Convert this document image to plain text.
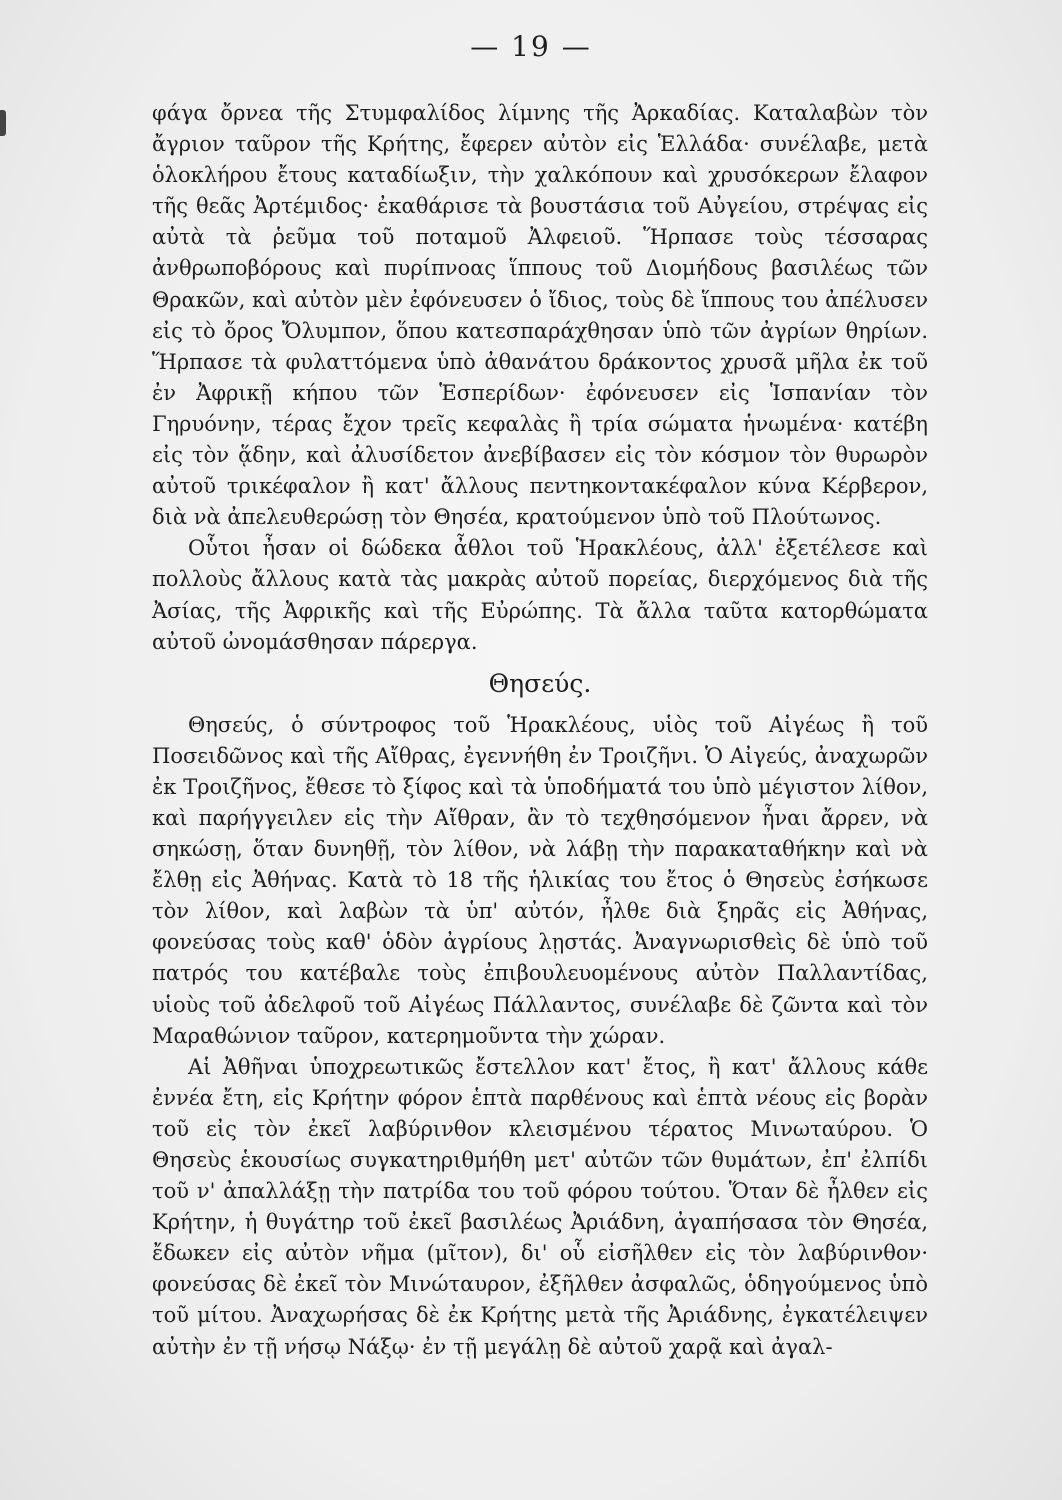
— 19 —

φάγα ὄρνεα τῆς Στυμφαλίδος λίμνης τῆς Ἀρκαδίας. Καταλαβὼν τὸν ἄγριον ταῦρον τῆς Κρήτης, ἔφερεν αὐτὸν εἰς Ἑλλάδα· συνέλαβε, μετὰ ὁλοκλήρου ἔτους καταδίωξιν, τὴν χαλκόπουν καὶ χρυσόκερων ἔλαφον τῆς θεᾶς Ἀρτέμιδος· ἐκαθάρισε τὰ βουστάσια τοῦ Αὐγείου, στρέψας εἰς αὐτὰ τὰ ῥεῦμα τοῦ ποταμοῦ Ἀλφειοῦ. Ἥρπασε τοὺς τέσσαρας ἀνθρωποβόρους καὶ πυρίπνοας ἵππους τοῦ Διομήδους βασιλέως τῶν Θρακῶν, καὶ αὐτὸν μὲν ἐφόνευσεν ὁ ἴδιος, τοὺς δὲ ἵππους του ἀπέλυσεν εἰς τὸ ὄρος Ὄλυμπον, ὅπου κατεσπαράχθησαν ὑπὸ τῶν ἀγρίων θηρίων. Ἥρπασε τὰ φυλαττόμενα ὑπὸ ἀθανάτου δράκοντος χρυσᾶ μῆλα ἐκ τοῦ ἐν Ἀφρικῇ κήπου τῶν Ἑσπερίδων· ἐφόνευσεν εἰς Ἱσπανίαν τὸν Γηρυόνην, τέρας ἔχον τρεῖς κεφαλὰς ἢ τρία σώματα ἡνωμένα· κατέβη εἰς τὸν ᾅδην, καὶ ἀλυσίδετον ἀνεβίβασεν εἰς τὸν κόσμον τὸν θυρωρὸν αὐτοῦ τρικέφαλον ἢ κατ' ἄλλους πεντηκοντακέφαλον κύνα Κέρβερον, διὰ νὰ ἀπελευθερώσῃ τὸν Θησέα, κρατούμενον ὑπὸ τοῦ Πλούτωνος.

Οὗτοι ἦσαν οἱ δώδεκα ἆθλοι τοῦ Ἡρακλέους, ἀλλ' ἐξετέλεσε καὶ πολλοὺς ἄλλους κατὰ τὰς μακρὰς αὐτοῦ πορείας, διερχόμενος διὰ τῆς Ἀσίας, τῆς Ἀφρικῆς καὶ τῆς Εὐρώπης. Τὰ ἄλλα ταῦτα κατορθώματα αὐτοῦ ὠνομάσθησαν πάρεργα.

Θησεύς.

Θησεύς, ὁ σύντροφος τοῦ Ἡρακλέους, υἱὸς τοῦ Αἰγέως ἢ τοῦ Ποσειδῶνος καὶ τῆς Αἴθρας, ἐγεννήθη ἐν Τροιζῆνι. Ὁ Αἰγεύς, ἀναχωρῶν ἐκ Τροιζῆνος, ἔθεσε τὸ ξίφος καὶ τὰ ὑποδήματά του ὑπὸ μέγιστον λίθον, καὶ παρήγγειλεν εἰς τὴν Αἴθραν, ἂν τὸ τεχθησόμενον ἦναι ἄρρεν, νὰ σηκώσῃ, ὅταν δυνηθῇ, τὸν λίθον, νὰ λάβῃ τὴν παρακαταθήκην καὶ νὰ ἔλθῃ εἰς Ἀθήνας. Κατὰ τὸ 18 τῆς ἡλικίας του ἔτος ὁ Θησεὺς ἐσήκωσε τὸν λίθον, καὶ λαβὼν τὰ ὑπ' αὐτόν, ἦλθε διὰ ξηρᾶς εἰς Ἀθήνας, φονεύσας τοὺς καθ' ὁδὸν ἀγρίους λῃστάς. Ἀναγνωρισθεὶς δὲ ὑπὸ τοῦ πατρός του κατέβαλε τοὺς ἐπιβουλευομένους αὐτὸν Παλλαντίδας, υἱοὺς τοῦ ἀδελφοῦ τοῦ Αἰγέως Πάλλαντος, συνέλαβε δὲ ζῶντα καὶ τὸν Μαραθώνιον ταῦρον, κατερημοῦντα τὴν χώραν.

Αἱ Ἀθῆναι ὑποχρεωτικῶς ἔστελλον κατ' ἔτος, ἢ κατ' ἄλλους κάθε ἐννέα ἔτη, εἰς Κρήτην φόρον ἑπτὰ παρθένους καὶ ἑπτὰ νέους εἰς βορὰν τοῦ εἰς τὸν ἐκεῖ λαβύρινθον κλεισμένου τέρατος Μινωταύρου. Ὁ Θησεὺς ἑκουσίως συγκατηριθμήθη μετ' αὐτῶν τῶν θυμάτων, ἐπ' ἐλπίδι τοῦ ν' ἀπαλλάξῃ τὴν πατρίδα του τοῦ φόρου τούτου. Ὅταν δὲ ἦλθεν εἰς Κρήτην, ἡ θυγάτηρ τοῦ ἐκεῖ βασιλέως Ἀριάδνη, ἀγαπήσασα τὸν Θησέα, ἔδωκεν εἰς αὐτὸν νῆμα (μῖτον), δι' οὗ εἰσῆλθεν εἰς τὸν λαβύρινθον· φονεύσας δὲ ἐκεῖ τὸν Μινώταυρον, ἐξῆλθεν ἀσφαλῶς, ὁδηγούμενος ὑπὸ τοῦ μίτου. Ἀναχωρήσας δὲ ἐκ Κρήτης μετὰ τῆς Ἀριάδνης, ἐγκατέλειψεν αὐτὴν ἐν τῇ νήσῳ Νάξῳ· ἐν τῇ μεγάλῃ δὲ αὐτοῦ χαρᾷ καὶ ἀγαλ-
